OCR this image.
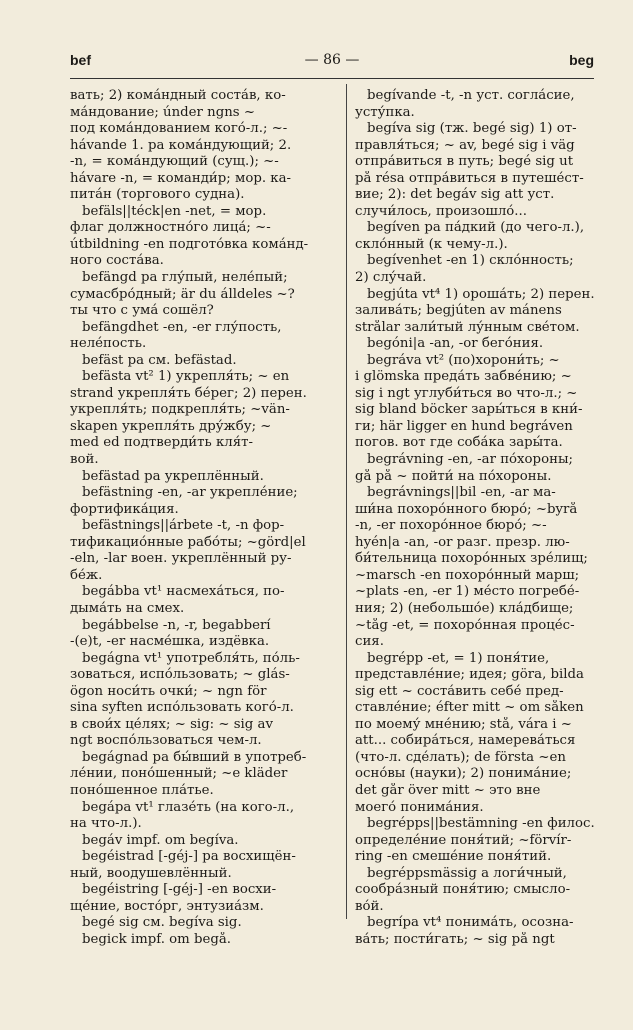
bef	— 86 —	beg
вать; 2) кома́ндный соста́в, ко-
ма́ндование; únder ngns ~
под кома́ндованием кого́-л.; ~-
hávande 1. pa кома́ндующий; 2.
-n, = кома́ндующий (сущ.); ~-
hávare -n, = команди́р; мор. ка-
пита́н (торгового судна).
befäls||téck|en -net, = мор.
флаг должностно́го лица́; ~-
útbildning -en подгото́вка кома́нд-
ного соста́ва.
befängd pa глу́пый, неле́пый;
сумасбро́дный; är du álldeles ~?
ты что с ума́ сошёл?
befängdhet -en, -er глу́пость,
неле́пость.
befäst pa см. befästad.
befästa vt² 1) укрепля́ть; ~ en
strand укрепля́ть бе́рег; 2) перен.
укрепля́ть; подкрепля́ть; ~vän-
skapen укрепля́ть дру́жбу; ~
med ed подтверди́ть кля́т-
вой.
befästad pa укреплённый.
befästning -en, -ar укрепле́ние;
фортифика́ция.
befästnings||árbete -t, -n фор-
тификацио́нные рабо́ты; ~görd|el
-eln, -lar воен. укреплённый ру-
бе́ж.
begábba vt¹ насмеха́ться, по-
дыма́ть на смех.
begábbelse -n, -r, begabberí
-(e)t, -er насме́шка, издёвка.
begágna vt¹ употребля́ть, по́ль-
зоваться, испо́льзовать; ~ glás-
ögon носи́ть очки́; ~ ngn för
sina syften испо́льзовать кого́-л.
в свои́х це́лях; ~ sig: ~ sig av
ngt воспо́льзоваться чем-л.
begágnad pa бы́вший в употреб-
ле́нии, поно́шенный; ~e kläder
поно́шенное пла́тье.
begápa vt¹ глазе́ть (на кого-л.,
на что-л.).
begáv impf. om begíva.
begéistrad [-géj-] pa восхищён-
ный, воодушевлённый.
begéistring [-géj-] -en восхи-
ще́ние, восто́рг, энтузиа́зм.
begé sig см. begíva sig.
begick impf. om begå.
begívande -t, -n уст. согла́сие,
усту́пка.
begíva sig (тж. begé sig) 1) от-
правля́ться; ~ av, begé sig i väg
отпра́виться в путь; begé sig ut
på résa отпра́виться в путеше́ст-
вие; 2): det begáv sig att уст.
случи́лось, произошло́...
begíven pa па́дкий (до чего-л.),
скло́нный (к чему-л.).
begívenhet -en 1) скло́нность;
2) слу́чай.
begjúta vt⁴ 1) ороша́ть; 2) перен.
залива́ть; begjúten av mánens
strålar зали́тый лу́нным све́том.
begóni|a -an, -or бего́ния.
begráva vt² (по)хорони́ть; ~
i glömska преда́ть забве́нию; ~
sig i ngt углуби́ться во что-л.; ~
sig bland böcker зары́ться в кни́-
ги; här ligger en hund begráven
погов. вот где соба́ка зары́та.
begrávning -en, -ar по́хороны;
gå på ~ пойти́ на по́хороны.
begrávnings||bil -en, -ar ма-
ши́на похоро́нного бюро́; ~byrå
-n, -er похоро́нное бюро́; ~-
hyén|a -an, -or разг. презр. лю-
би́тельница похоро́нных зре́лищ;
~marsch -en похоро́нный марш;
~plats -en, -er 1) ме́сто погребе́-
ния; 2) (небольшо́е) кла́дбище;
~tåg -et, = похоро́нная проце́с-
сия.
begrépp -et, = 1) поня́тие,
представле́ние; идея; göra, bilda
sig ett ~ соста́вить себе́ пред-
ставле́ние; éfter mitt ~ om såken
по моему́ мне́нию; stå, vára i ~
att... собира́ться, намерева́ться
(что-л. сде́лать); de första ~en
осно́вы (науки); 2) понима́ние;
det går över mitt ~ это вне
моего́ понима́ния.
begrépps||bestämning -en филос.
определе́ние поня́тий; ~förvír-
ring -en смеше́ние поня́тий.
begréppsmässig a логи́чный,
сообра́зный поня́тию; смысло-
во́й.
begrípa vt⁴ понима́ть, осозна-
ва́ть; пости́гать; ~ sig på ngt
